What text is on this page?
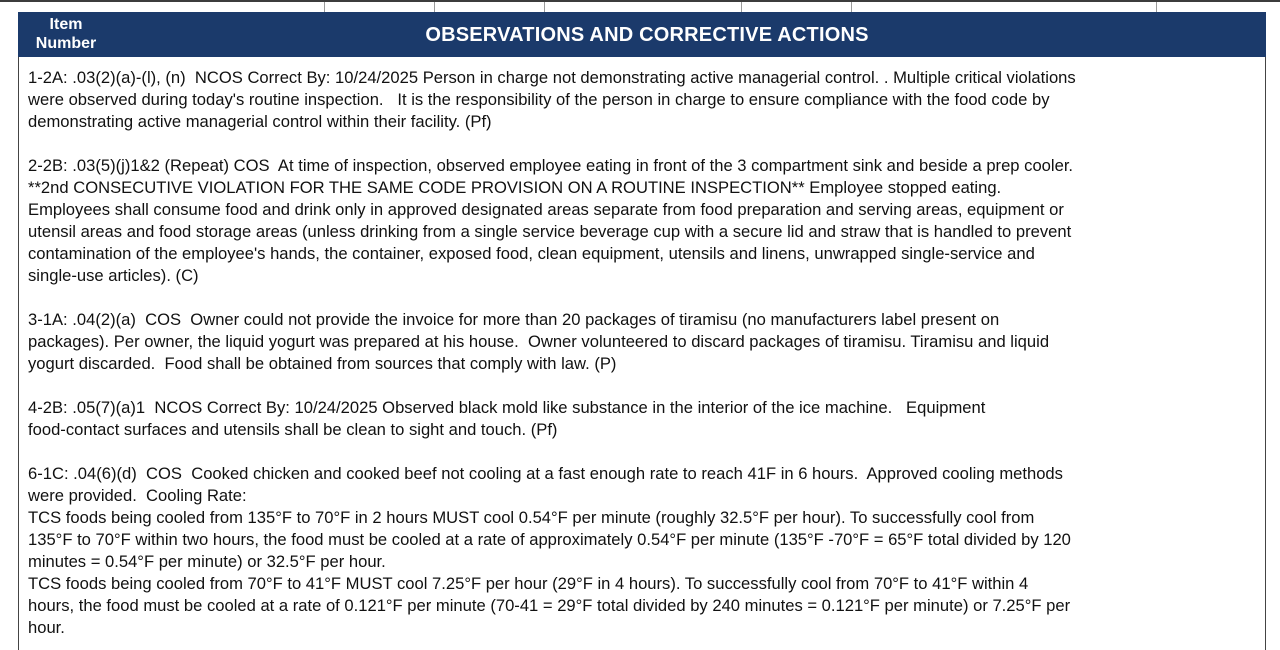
Item
Number	OBSERVATIONS AND CORRECTIVE ACTIONS
1-2A: .03(2)(a)-(l), (n)  NCOS Correct By: 10/24/2025 Person in charge not demonstrating active managerial control. . Multiple critical violations
were observed during today's routine inspection.   It is the responsibility of the person in charge to ensure compliance with the food code by
demonstrating active managerial control within their facility. (Pf)
2-2B: .03(5)(j)1&2 (Repeat) COS  At time of inspection, observed employee eating in front of the 3 compartment sink and beside a prep cooler.
**2nd CONSECUTIVE VIOLATION FOR THE SAME CODE PROVISION ON A ROUTINE INSPECTION** Employee stopped eating.
Employees shall consume food and drink only in approved designated areas separate from food preparation and serving areas, equipment or
utensil areas and food storage areas (unless drinking from a single service beverage cup with a secure lid and straw that is handled to prevent
contamination of the employee's hands, the container, exposed food, clean equipment, utensils and linens, unwrapped single-service and
single-use articles). (C)
3-1A: .04(2)(a)  COS  Owner could not provide the invoice for more than 20 packages of tiramisu (no manufacturers label present on
packages). Per owner, the liquid yogurt was prepared at his house.  Owner volunteered to discard packages of tiramisu. Tiramisu and liquid
yogurt discarded.  Food shall be obtained from sources that comply with law. (P)
4-2B: .05(7)(a)1  NCOS Correct By: 10/24/2025 Observed black mold like substance in the interior of the ice machine.   Equipment
food-contact surfaces and utensils shall be clean to sight and touch. (Pf)
6-1C: .04(6)(d)  COS  Cooked chicken and cooked beef not cooling at a fast enough rate to reach 41F in 6 hours.  Approved cooling methods
were provided.  Cooling Rate:
TCS foods being cooled from 135°F to 70°F in 2 hours MUST cool 0.54°F per minute (roughly 32.5°F per hour). To successfully cool from
135°F to 70°F within two hours, the food must be cooled at a rate of approximately 0.54°F per minute (135°F -70°F = 65°F total divided by 120
minutes = 0.54°F per minute) or 32.5°F per hour.
TCS foods being cooled from 70°F to 41°F MUST cool 7.25°F per hour (29°F in 4 hours). To successfully cool from 70°F to 41°F within 4
hours, the food must be cooled at a rate of 0.121°F per minute (70-41 = 29°F total divided by 240 minutes = 0.121°F per minute) or 7.25°F per
hour.
